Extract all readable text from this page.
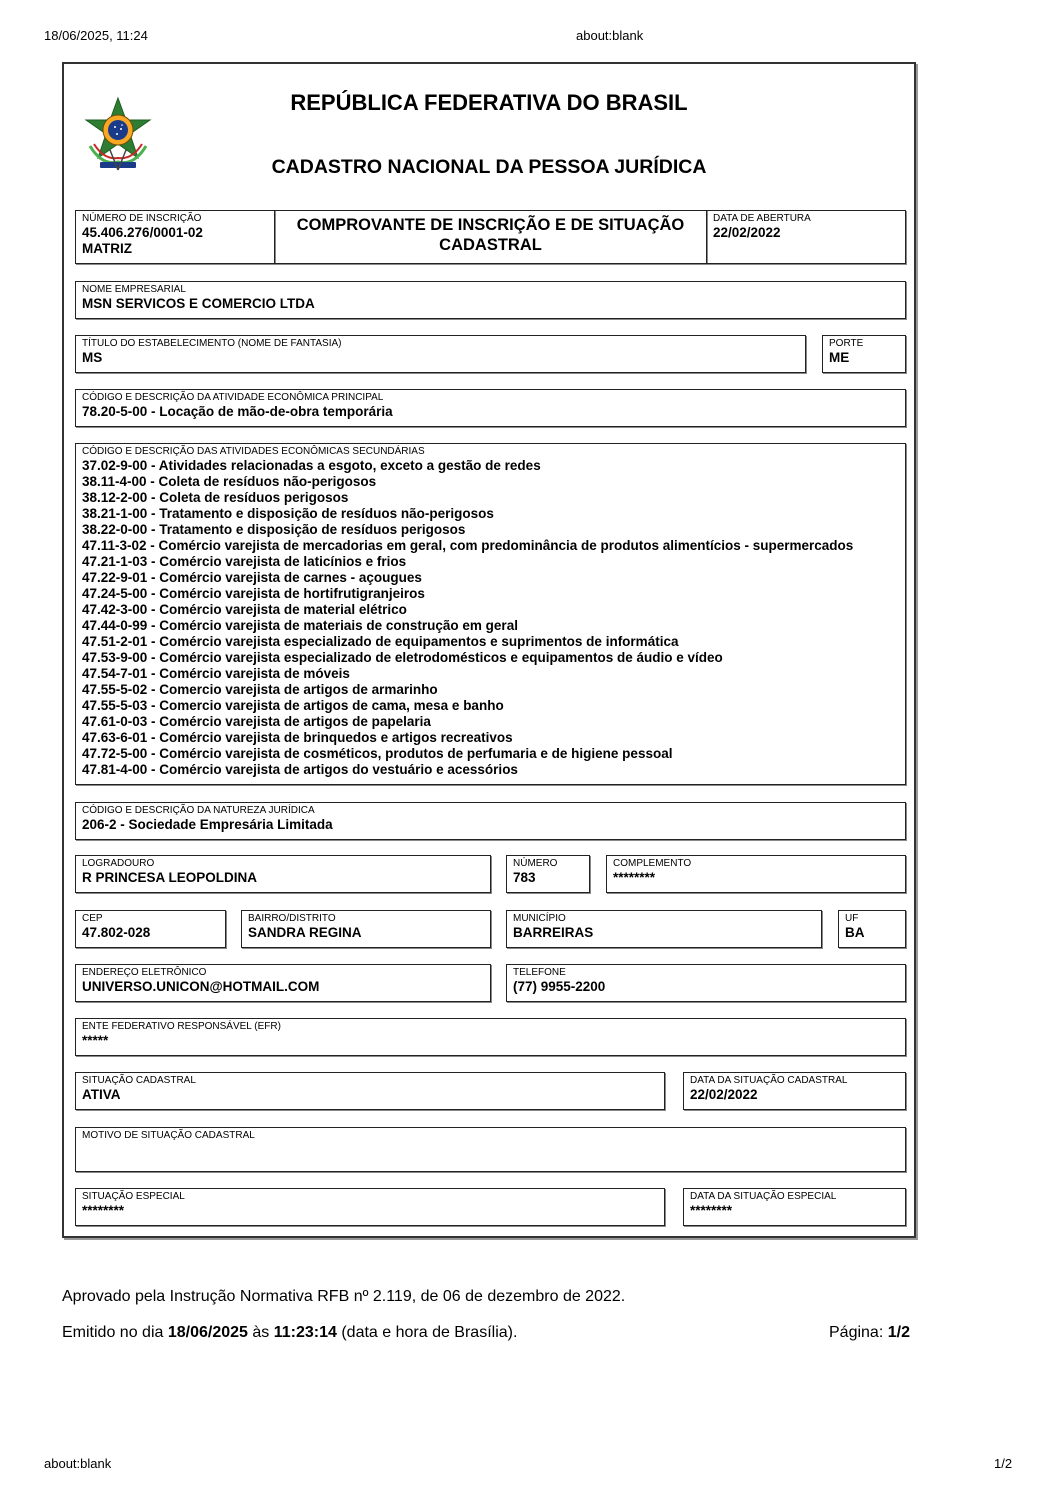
18/06/2025, 11:24	about:blank
REPÚBLICA FEDERATIVA DO BRASIL
CADASTRO NACIONAL DA PESSOA JURÍDICA
NÚMERO DE INSCRIÇÃO
45.406.276/0001-02
MATRIZ
COMPROVANTE DE INSCRIÇÃO E DE SITUAÇÃO CADASTRAL
DATA DE ABERTURA
22/02/2022
NOME EMPRESARIAL
MSN SERVICOS E COMERCIO LTDA
TÍTULO DO ESTABELECIMENTO (NOME DE FANTASIA)
MS
PORTE
ME
CÓDIGO E DESCRIÇÃO DA ATIVIDADE ECONÔMICA PRINCIPAL
78.20-5-00 - Locação de mão-de-obra temporária
CÓDIGO E DESCRIÇÃO DAS ATIVIDADES ECONÔMICAS SECUNDÁRIAS
37.02-9-00 - Atividades relacionadas a esgoto, exceto a gestão de redes
38.11-4-00 - Coleta de resíduos não-perigosos
38.12-2-00 - Coleta de resíduos perigosos
38.21-1-00 - Tratamento e disposição de resíduos não-perigosos
38.22-0-00 - Tratamento e disposição de resíduos perigosos
47.11-3-02 - Comércio varejista de mercadorias em geral, com predominância de produtos alimentícios - supermercados
47.21-1-03 - Comércio varejista de laticínios e frios
47.22-9-01 - Comércio varejista de carnes - açougues
47.24-5-00 - Comércio varejista de hortifrutigranjeiros
47.42-3-00 - Comércio varejista de material elétrico
47.44-0-99 - Comércio varejista de materiais de construção em geral
47.51-2-01 - Comércio varejista especializado de equipamentos e suprimentos de informática
47.53-9-00 - Comércio varejista especializado de eletrodomésticos e equipamentos de áudio e vídeo
47.54-7-01 - Comércio varejista de móveis
47.55-5-02 - Comercio varejista de artigos de armarinho
47.55-5-03 - Comercio varejista de artigos de cama, mesa e banho
47.61-0-03 - Comércio varejista de artigos de papelaria
47.63-6-01 - Comércio varejista de brinquedos e artigos recreativos
47.72-5-00 - Comércio varejista de cosméticos, produtos de perfumaria e de higiene pessoal
47.81-4-00 - Comércio varejista de artigos do vestuário e acessórios
CÓDIGO E DESCRIÇÃO DA NATUREZA JURÍDICA
206-2 - Sociedade Empresária Limitada
LOGRADOURO
R PRINCESA LEOPOLDINA
NÚMERO
783
COMPLEMENTO
********
CEP
47.802-028
BAIRRO/DISTRITO
SANDRA REGINA
MUNICÍPIO
BARREIRAS
UF
BA
ENDEREÇO ELETRÔNICO
UNIVERSO.UNICON@HOTMAIL.COM
TELEFONE
(77) 9955-2200
ENTE FEDERATIVO RESPONSÁVEL (EFR)
*****
SITUAÇÃO CADASTRAL
ATIVA
DATA DA SITUAÇÃO CADASTRAL
22/02/2022
MOTIVO DE SITUAÇÃO CADASTRAL
SITUAÇÃO ESPECIAL
********
DATA DA SITUAÇÃO ESPECIAL
********
Aprovado pela Instrução Normativa RFB nº 2.119, de 06 de dezembro de 2022.
Emitido no dia 18/06/2025 às 11:23:14 (data e hora de Brasília).	Página: 1/2
about:blank	1/2
